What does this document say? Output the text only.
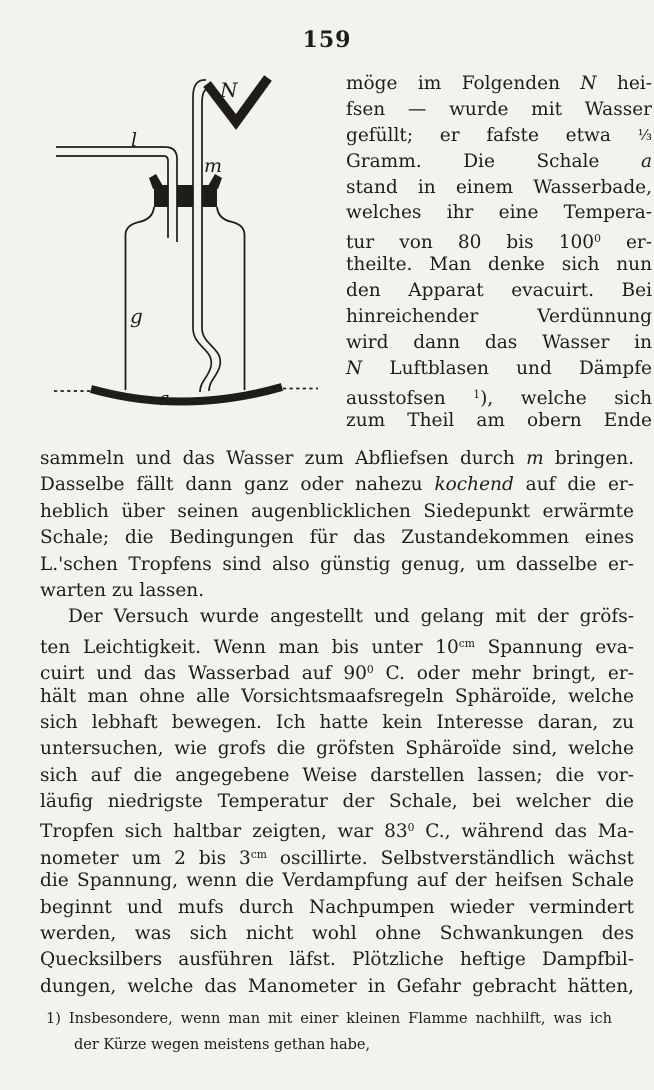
159
N
l
m
g
a
möge im Folgenden N hei-
fsen — wurde mit Wasser
gefüllt; er fafste etwa ⅓
Gramm. Die Schale a
stand in einem Wasserbade,
welches ihr eine Tempera-
tur von 80 bis $100^0$ er-
theilte. Man denke sich nun
den Apparat evacuirt. Bei
hinreichender Verdünnung
wird dann das Wasser in
N Luftblasen und Dämpfe
ausstofsen $^1$), welche sich
zum Theil am obern Ende
sammeln und das Wasser zum Abfliefsen durch m bringen.
Dasselbe fällt dann ganz oder nahezu kochend auf die er-
heblich über seinen augenblicklichen Siedepunkt erwärmte
Schale; die Bedingungen für das Zustandekommen eines
L.'schen Tropfens sind also günstig genug, um dasselbe er-
warten zu lassen.
Der Versuch wurde angestellt und gelang mit der gröfs-
ten Leichtigkeit. Wenn man bis unter $10^{cm}$ Spannung eva-
cuirt und das Wasserbad auf $90^0$ C. oder mehr bringt, er-
hält man ohne alle Vorsichtsmaafsregeln Sphäroïde, welche
sich lebhaft bewegen. Ich hatte kein Interesse daran, zu
untersuchen, wie grofs die gröfsten Sphäroïde sind, welche
sich auf die angegebene Weise darstellen lassen; die vor-
läufig niedrigste Temperatur der Schale, bei welcher die
Tropfen sich haltbar zeigten, war $83^0$ C., während das Ma-
nometer um 2 bis $3^{cm}$ oscillirte. Selbstverständlich wächst
die Spannung, wenn die Verdampfung auf der heifsen Schale
beginnt und mufs durch Nachpumpen wieder vermindert
werden, was sich nicht wohl ohne Schwankungen des
Quecksilbers ausführen läfst. Plötzliche heftige Dampfbil-
dungen, welche das Manometer in Gefahr gebracht hätten,
1) Insbesondere, wenn man mit einer kleinen Flamme nachhilft, was ich
der Kürze wegen meistens gethan habe,
